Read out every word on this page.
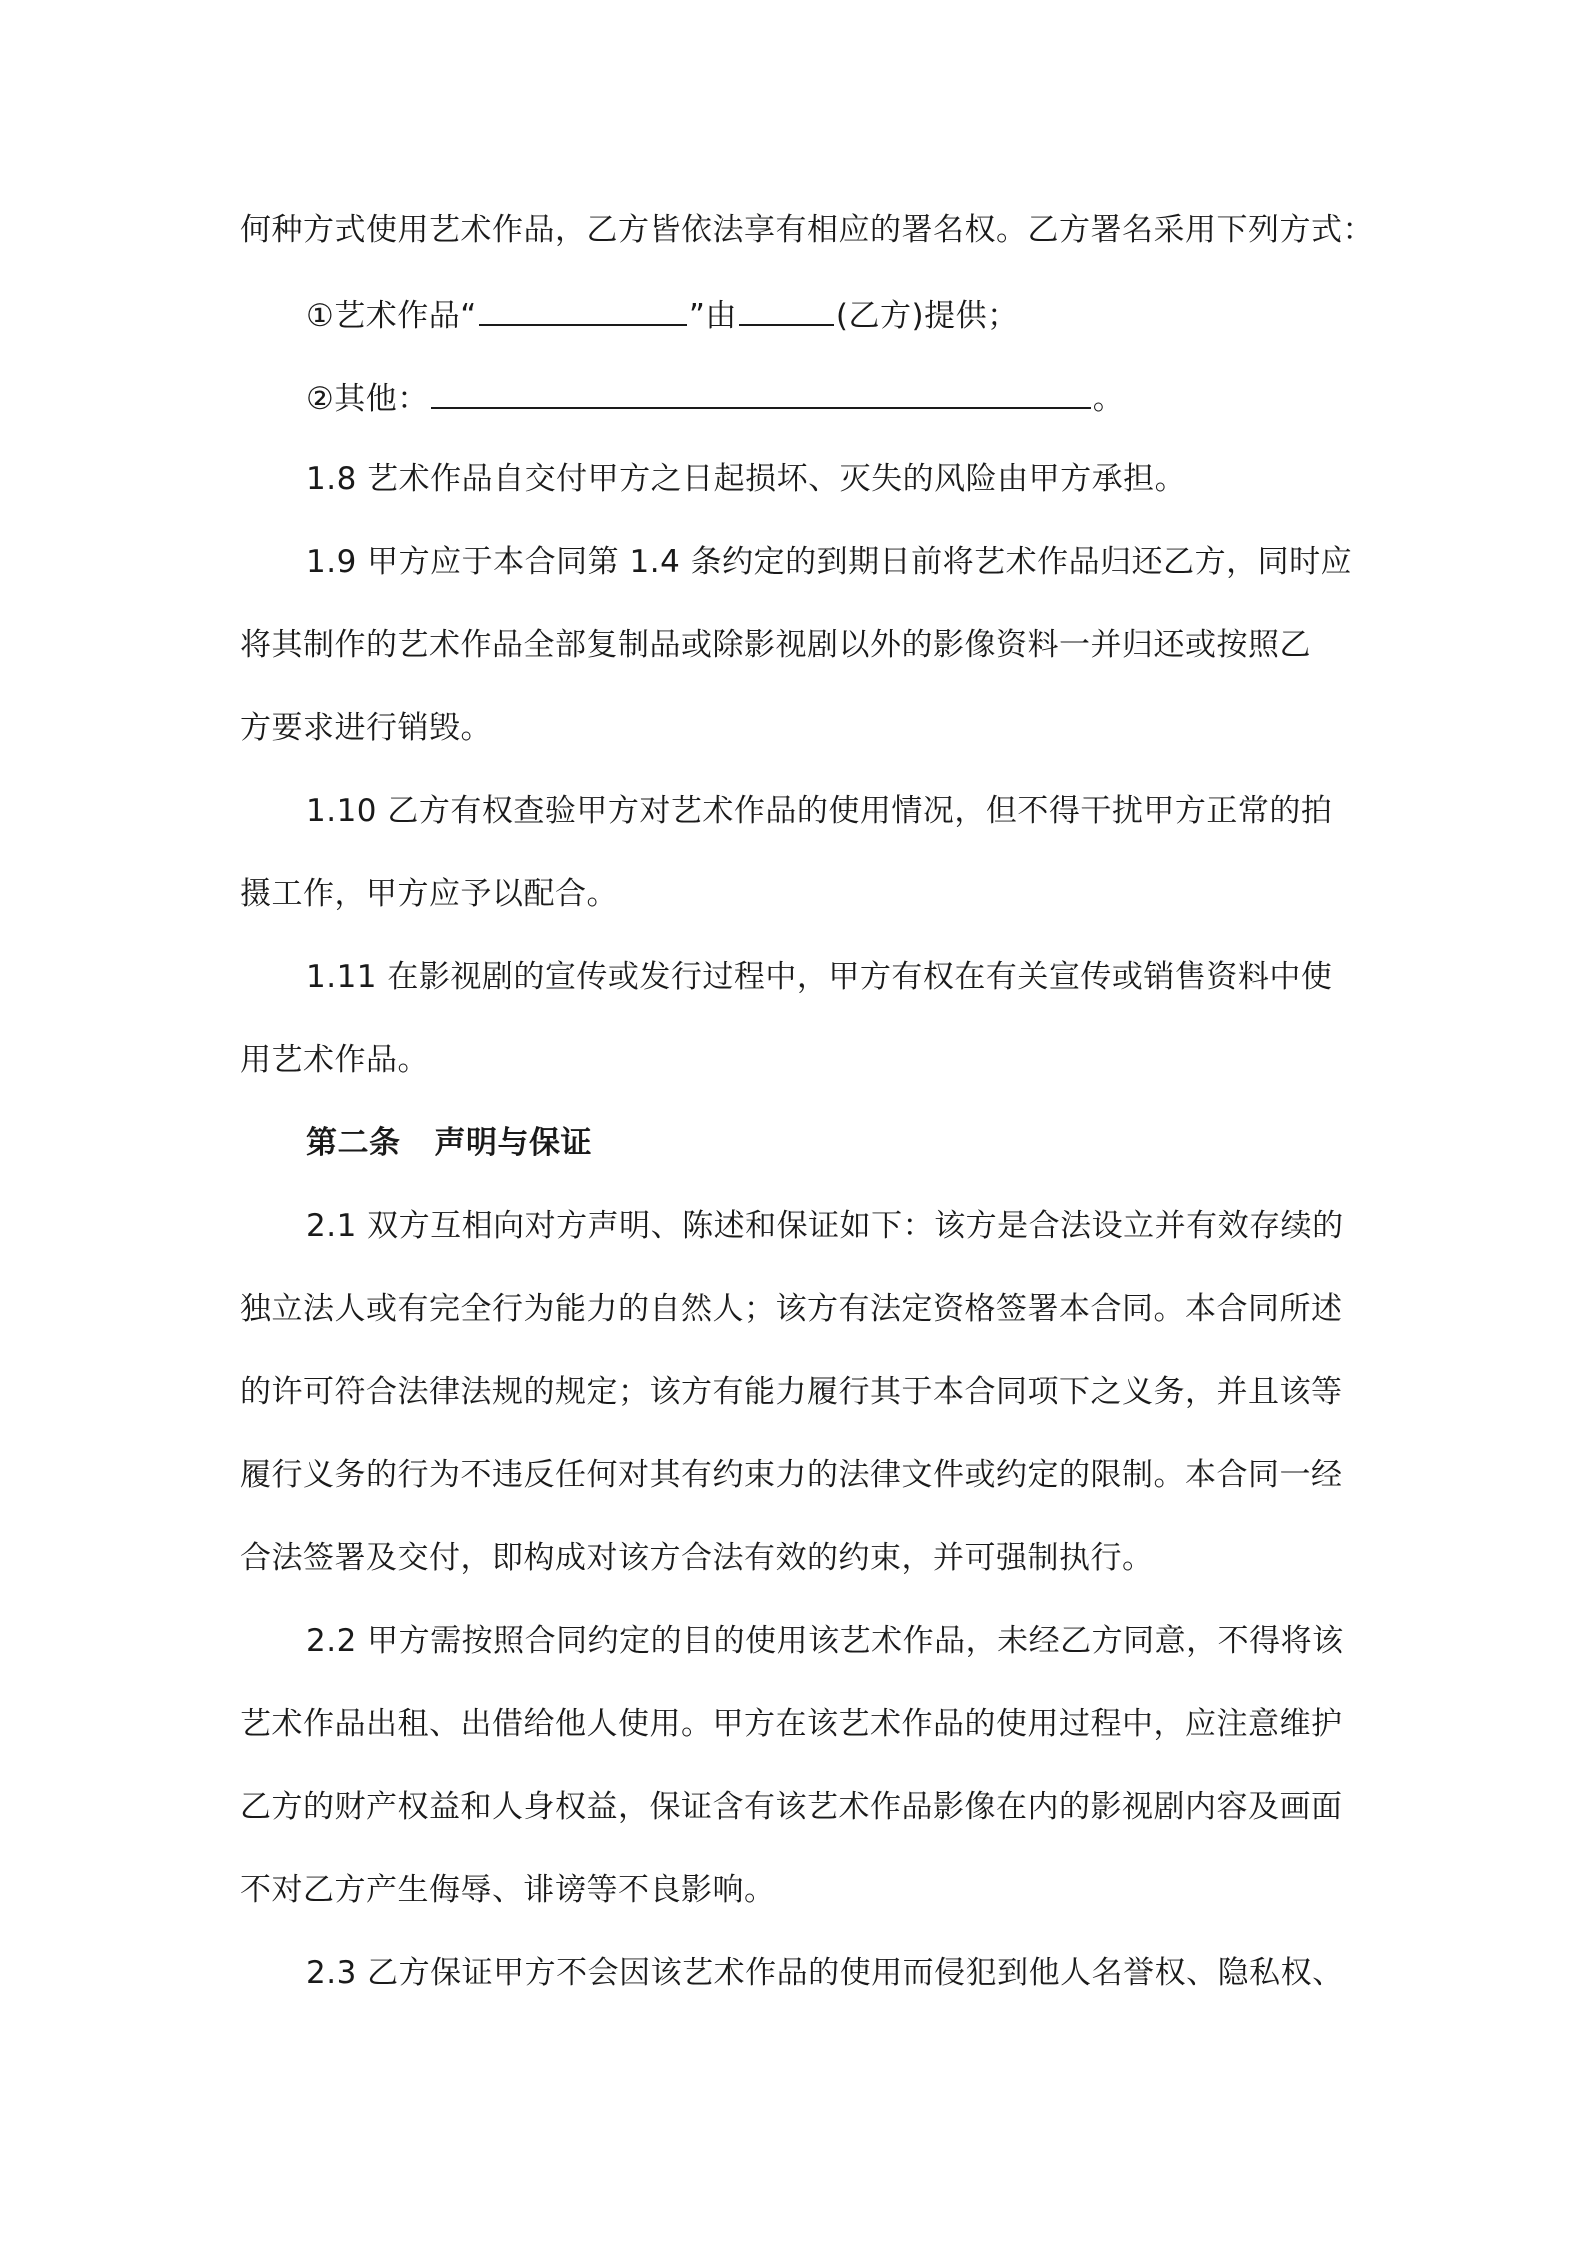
何种方式使用艺术作品，乙方皆依法享有相应的署名权。乙方署名采用下列方式：
①艺术作品“	”由	(乙方)提供；
②其他：	。
1.8 艺术作品自交付甲方之日起损坏、灭失的风险由甲方承担。
1.9 甲方应于本合同第 1.4 条约定的到期日前将艺术作品归还乙方，同时应
将其制作的艺术作品全部复制品或除影视剧以外的影像资料一并归还或按照乙
方要求进行销毁。
1.10 乙方有权查验甲方对艺术作品的使用情况，但不得干扰甲方正常的拍
摄工作，甲方应予以配合。
1.11 在影视剧的宣传或发行过程中，甲方有权在有关宣传或销售资料中使
用艺术作品。
第二条 声明与保证
2.1 双方互相向对方声明、陈述和保证如下：该方是合法设立并有效存续的
独立法人或有完全行为能力的自然人；该方有法定资格签署本合同。本合同所述
的许可符合法律法规的规定；该方有能力履行其于本合同项下之义务，并且该等
履行义务的行为不违反任何对其有约束力的法律文件或约定的限制。本合同一经
合法签署及交付，即构成对该方合法有效的约束，并可强制执行。
2.2 甲方需按照合同约定的目的使用该艺术作品，未经乙方同意，不得将该
艺术作品出租、出借给他人使用。甲方在该艺术作品的使用过程中，应注意维护
乙方的财产权益和人身权益，保证含有该艺术作品影像在内的影视剧内容及画面
不对乙方产生侮辱、诽谤等不良影响。
2.3 乙方保证甲方不会因该艺术作品的使用而侵犯到他人名誉权、隐私权、
